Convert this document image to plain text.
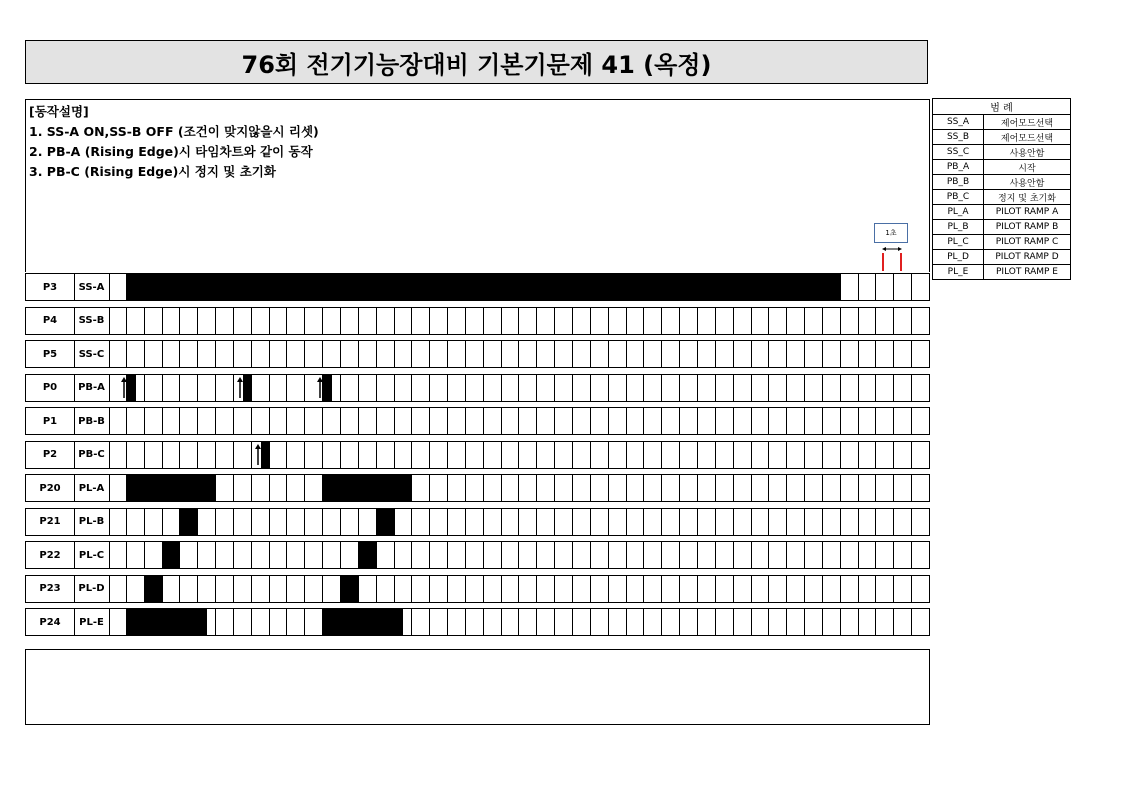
76회 전기기능장대비 기본기문제 41 (옥정)
[동작설명]
1. SS-A ON,SS-B OFF (조건이 맞지않을시 리셋)
2. PB-A (Rising Edge)시 타임차트와 같이 동작
3. PB-C (Rising Edge)시 정지 및 초기화
범 례	
SS_A	제어모드선택
SS_B	제어모드선택
SS_C	사용안함
PB_A	시작
PB_B	사용안함
PB_C	정지 및 초기화
PL_A	PILOT RAMP A
PL_B	PILOT RAMP B
PL_C	PILOT RAMP C
PL_D	PILOT RAMP D
PL_E	PILOT RAMP E
1초
P3	SS-A
P4	SS-B
P5	SS-C
P0	PB-A
P1	PB-B
P2	PB-C
P20	PL-A
P21	PL-B
P22	PL-C
P23	PL-D
P24	PL-E
